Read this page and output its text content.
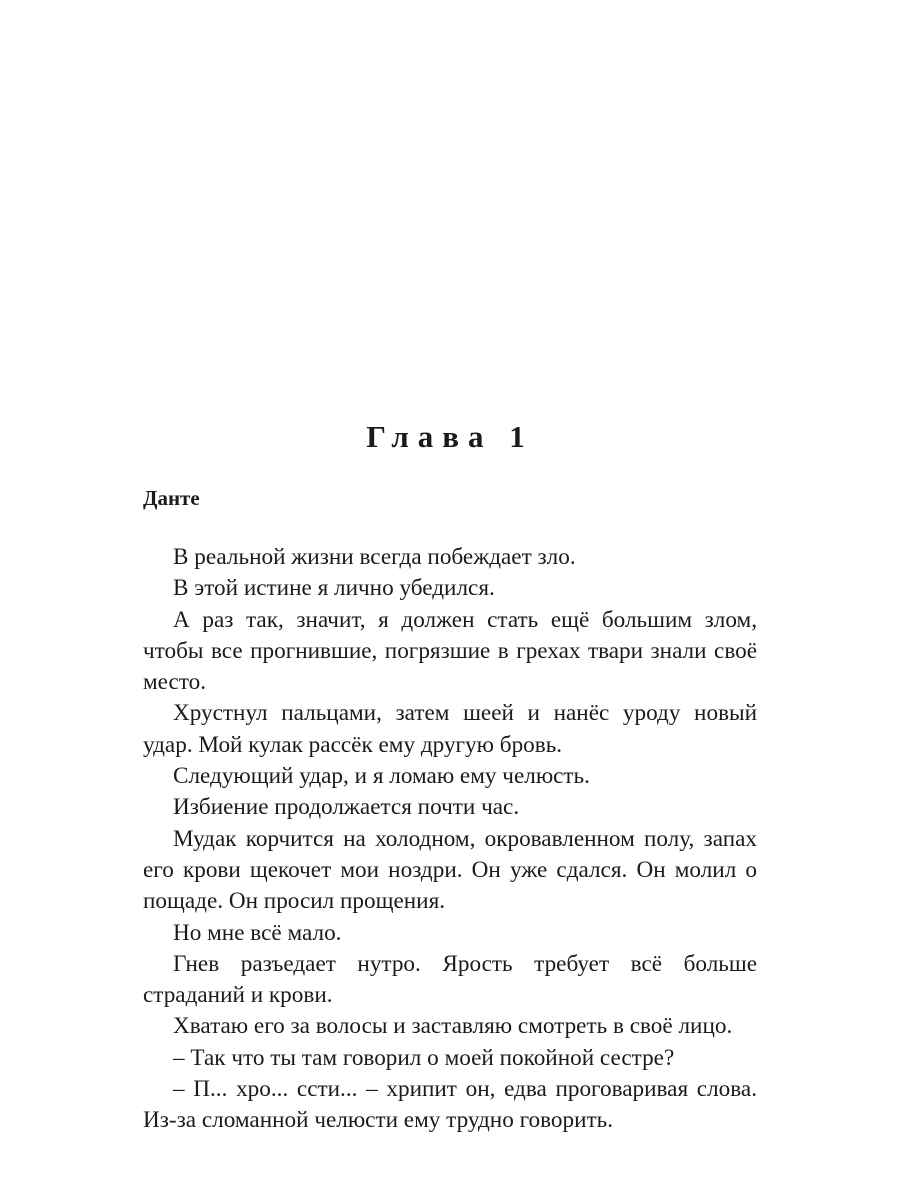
Глава 1
Данте

В реальной жизни всегда побеждает зло.

В этой истине я лично убедился.

А раз так, значит, я должен стать ещё большим злом, чтобы все прогнившие, погрязшие в грехах твари знали своё место.

Хрустнул пальцами, затем шеей и нанёс уроду новый удар. Мой кулак рассёк ему другую бровь.

Следующий удар, и я ломаю ему челюсть.

Избиение продолжается почти час.

Мудак корчится на холодном, окровавленном полу, запах его крови щекочет мои ноздри. Он уже сдался. Он молил о пощаде. Он просил прощения.

Но мне всё мало.

Гнев разъедает нутро. Ярость требует всё больше страданий и крови.

Хватаю его за волосы и заставляю смотреть в своё лицо.

– Так что ты там говорил о моей покойной сестре?

– П... хро... ссти... – хрипит он, едва проговаривая слова. Из-за сломанной челюсти ему трудно говорить.
